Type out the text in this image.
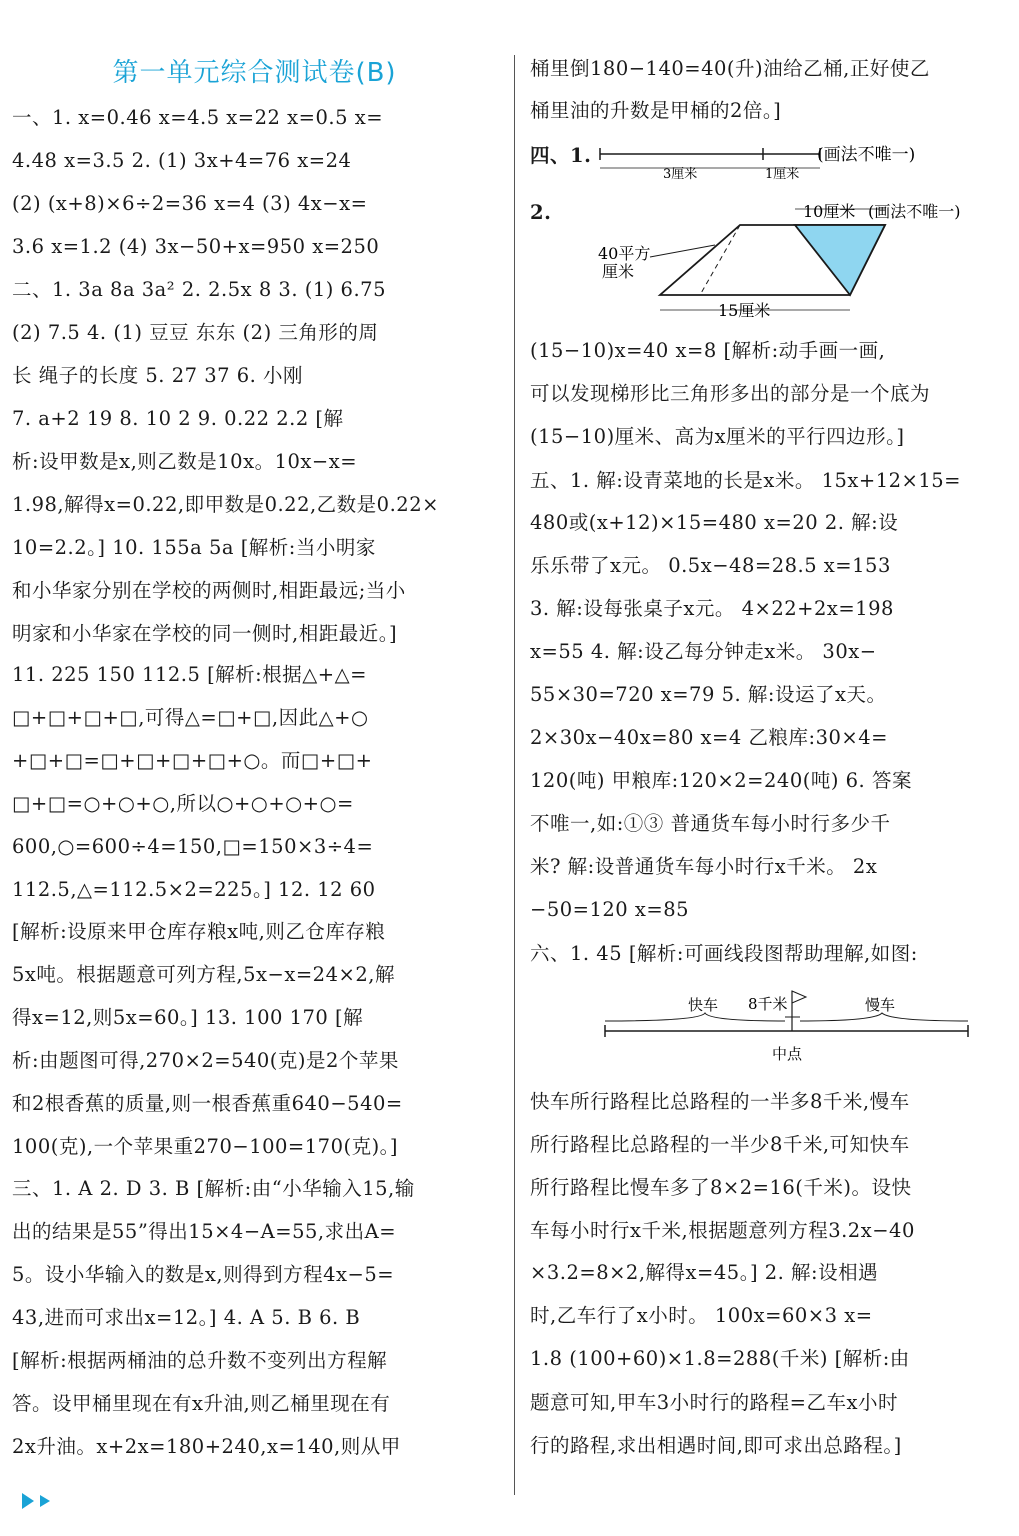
第一单元综合测试卷(B)
一、1. x=0.46 x=4.5 x=22 x=0.5 x=
4.48 x=3.5 2. (1) 3x+4=76 x=24
(2) (x+8)×6÷2=36 x=4 (3) 4x−x=
3.6 x=1.2 (4) 3x−50+x=950 x=250
二、1. 3a 8a 3a² 2. 2.5x 8 3. (1) 6.75
(2) 7.5 4. (1) 豆豆 东东 (2) 三角形的周
长 绳子的长度 5. 27 37 6. 小刚
7. a+2 19 8. 10 2 9. 0.22 2.2 [解
析:设甲数是x,则乙数是10x。10x−x=
1.98,解得x=0.22,即甲数是0.22,乙数是0.22×
10=2.2。] 10. 155a 5a [解析:当小明家
和小华家分别在学校的两侧时,相距最远;当小
明家和小华家在学校的同一侧时,相距最近。]
11. 225 150 112.5 [解析:根据△+△=
□+□+□+□,可得△=□+□,因此△+○
+□+□=□+□+□+□+○。而□+□+
□+□=○+○+○,所以○+○+○+○=
600,○=600÷4=150,□=150×3÷4=
112.5,△=112.5×2=225。] 12. 12 60
[解析:设原来甲仓库存粮x吨,则乙仓库存粮
5x吨。根据题意可列方程,5x−x=24×2,解
得x=12,则5x=60。] 13. 100 170 [解
析:由题图可得,270×2=540(克)是2个苹果
和2根香蕉的质量,则一根香蕉重640−540=
100(克),一个苹果重270−100=170(克)。]
三、1. A 2. D 3. B [解析:由“小华输入15,输
出的结果是55”得出15×4−A=55,求出A=
5。设小华输入的数是x,则得到方程4x−5=
43,进而可求出x=12。] 4. A 5. B 6. B
[解析:根据两桶油的总升数不变列出方程解
答。设甲桶里现在有x升油,则乙桶里现在有
2x升油。x+2x=180+240,x=140,则从甲
桶里倒180−140=40(升)油给乙桶,正好使乙
桶里油的升数是甲桶的2倍。]
四、1.
3厘米	1厘米
(画法不唯一)
2.	10厘米 (画法不唯一)
40平方
厘米
15厘米
(15−10)x=40 x=8 [解析:动手画一画,
可以发现梯形比三角形多出的部分是一个底为
(15−10)厘米、高为x厘米的平行四边形。]
五、1. 解:设青菜地的长是x米。 15x+12×15=
480或(x+12)×15=480 x=20 2. 解:设
乐乐带了x元。 0.5x−48=28.5 x=153
3. 解:设每张桌子x元。 4×22+2x=198
x=55 4. 解:设乙每分钟走x米。 30x−
55×30=720 x=79 5. 解:设运了x天。
2×30x−40x=80 x=4 乙粮库:30×4=
120(吨) 甲粮库:120×2=240(吨) 6. 答案
不唯一,如:①③ 普通货车每小时行多少千
米? 解:设普通货车每小时行x千米。 2x
−50=120 x=85
六、1. 45 [解析:可画线段图帮助理解,如图:
快车	慢车
8千米
中点
快车所行路程比总路程的一半多8千米,慢车
所行路程比总路程的一半少8千米,可知快车
所行路程比慢车多了8×2=16(千米)。设快
车每小时行x千米,根据题意列方程3.2x−40
×3.2=8×2,解得x=45。] 2. 解:设相遇
时,乙车行了x小时。 100x=60×3 x=
1.8 (100+60)×1.8=288(千米) [解析:由
题意可知,甲车3小时行的路程=乙车x小时
行的路程,求出相遇时间,即可求出总路程。]
